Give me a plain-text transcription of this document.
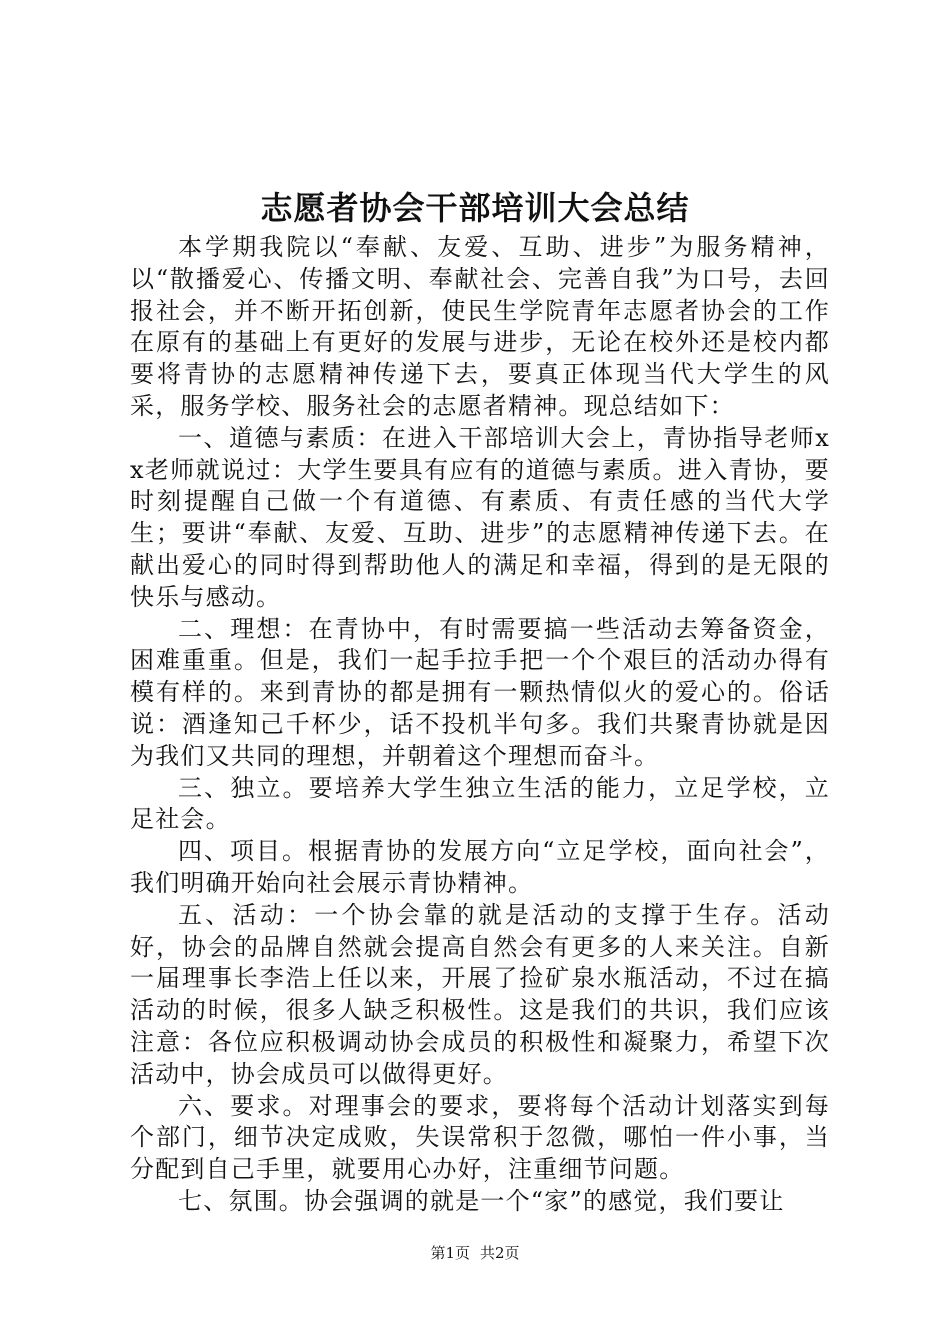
志愿者协会干部培训大会总结

本学期我院以“奉献、友爱、互助、进步”为服务精神，以“散播爱心、传播文明、奉献社会、完善自我”为口号，去回报社会，并不断开拓创新，使民生学院青年志愿者协会的工作在原有的基础上有更好的发展与进步，无论在校外还是校内都要将青协的志愿精神传递下去，要真正体现当代大学生的风采，服务学校、服务社会的志愿者精神。现总结如下：

一、道德与素质：在进入干部培训大会上，青协指导老师xx老师就说过：大学生要具有应有的道德与素质。进入青协，要时刻提醒自己做一个有道德、有素质、有责任感的当代大学生；要讲“奉献、友爱、互助、进步”的志愿精神传递下去。在献出爱心的同时得到帮助他人的满足和幸福，得到的是无限的快乐与感动。

二、理想：在青协中，有时需要搞一些活动去筹备资金，困难重重。但是，我们一起手拉手把一个个艰巨的活动办得有模有样的。来到青协的都是拥有一颗热情似火的爱心的。俗话说：酒逢知己千杯少，话不投机半句多。我们共聚青协就是因为我们又共同的理想，并朝着这个理想而奋斗。

三、独立。要培养大学生独立生活的能力，立足学校，立足社会。

四、项目。根据青协的发展方向“立足学校，面向社会”，我们明确开始向社会展示青协精神。

五、活动：一个协会靠的就是活动的支撑于生存。活动好，协会的品牌自然就会提高自然会有更多的人来关注。自新一届理事长李浩上任以来，开展了捡矿泉水瓶活动，不过在搞活动的时候，很多人缺乏积极性。这是我们的共识，我们应该注意：各位应积极调动协会成员的积极性和凝聚力，希望下次活动中，协会成员可以做得更好。

六、要求。对理事会的要求，要将每个活动计划落实到每个部门，细节决定成败，失误常积于忽微，哪怕一件小事，当分配到自己手里，就要用心办好，注重细节问题。

七、氛围。协会强调的就是一个“家”的感觉，我们要让

第1页 共2页
